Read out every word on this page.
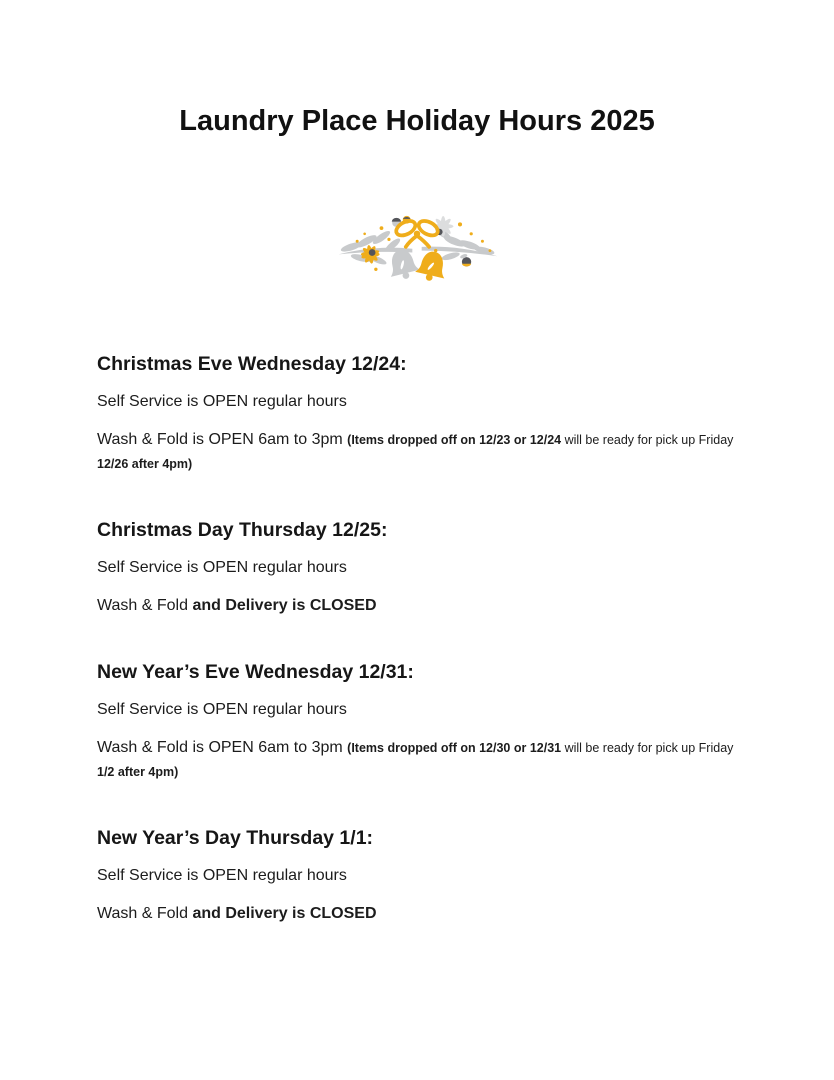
Laundry Place Holiday Hours 2025
Christmas Eve Wednesday 12/24:

Self Service is OPEN regular hours

Wash & Fold is OPEN 6am to 3pm (Items dropped off on 12/23 or 12/24 will be ready for pick up Friday 12/26 after 4pm)

Christmas Day Thursday 12/25:

Self Service is OPEN regular hours

Wash & Fold and Delivery is CLOSED

New Year’s Eve Wednesday 12/31:

Self Service is OPEN regular hours

Wash & Fold is OPEN 6am to 3pm (Items dropped off on 12/30 or 12/31 will be ready for pick up Friday 1/2 after 4pm)

New Year’s Day Thursday 1/1:

Self Service is OPEN regular hours

Wash & Fold and Delivery is CLOSED
